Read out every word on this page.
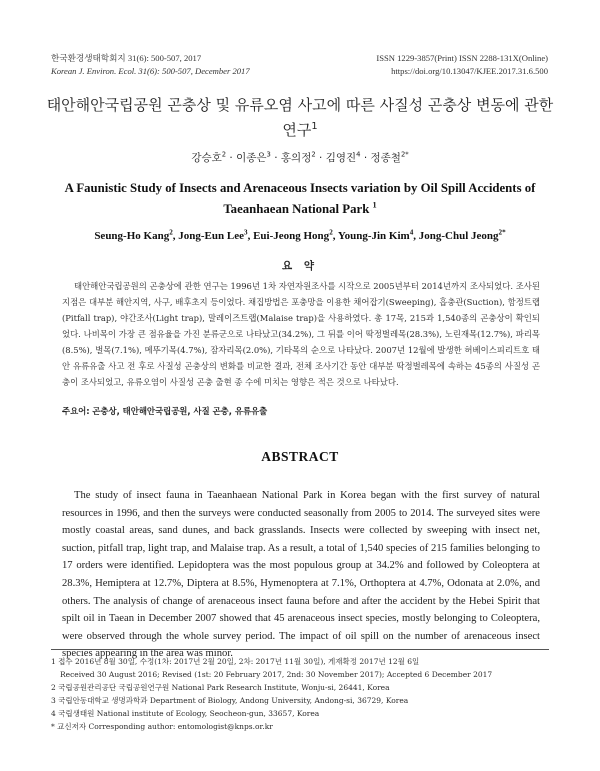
한국환경생태학회지 31(6): 500-507, 2017
Korean J. Environ. Ecol. 31(6): 500-507, December 2017
ISSN 1229-3857(Print) ISSN 2288-131X(Online)
https://doi.org/10.13047/KJEE.2017.31.6.500
태안해안국립공원 곤충상 및 유류오염 사고에 따른 사질성 곤충상 변동에 관한 연구$^1$
강승호$^2$ · 이종은$^3$ · 홍의정$^2$ · 김영진$^4$ · 정종철$^{2*}$
A Faunistic Study of Insects and Arenaceous Insects variation by Oil Spill Accidents of Taeanhaean National Park $^1$
Seung-Ho Kang$^2$, Jong-Eun Lee$^3$, Eui-Jeong Hong$^2$, Young-Jin Kim$^4$, Jong-Chul Jeong$^{2*}$
요 약

태안해안국립공원의 곤충상에 관한 연구는 1996년 1차 자연자원조사를 시작으로 2005년부터 2014년까지 조사되었다. 조사된 지점은 대부분 해안지역, 사구, 배후초지 등이었다. 채집방법은 포충망을 이용한 채어잡기(Sweeping), 흡충관(Suction), 함정트랩(Pitfall trap), 야간조사(Light trap), 말레이즈트랩(Malaise trap)을 사용하였다. 총 17목, 215과 1,540종의 곤충상이 확인되었다. 나비목이 가장 큰 점유율을 가진 분류군으로 나타났고(34.2%), 그 뒤를 이어 딱정벌레목(28.3%), 노린재목(12.7%), 파리목(8.5%), 벌목(7.1%), 메뚜기목(4.7%), 잠자리목(2.0%), 기타목의 순으로 나타났다. 2007년 12월에 발생한 허베이스피리트호 태안 유류유출 사고 전 후로 사질성 곤충상의 변화를 비교한 결과, 전체 조사기간 동안 대부분 딱정벌레목에 속하는 45종의 사질성 곤충이 조사되었고, 유류오염이 사질성 곤충 출현 종 수에 미치는 영향은 적은 것으로 나타났다.

주요어: 곤충상, 태안해안국립공원, 사질 곤충, 유류유출
ABSTRACT

The study of insect fauna in Taeanhaean National Park in Korea began with the first survey of natural resources in 1996, and then the surveys were conducted seasonally from 2005 to 2014. The surveyed sites were mostly coastal areas, sand dunes, and back grasslands. Insects were collected by sweeping with insect net, suction, pitfall trap, light trap, and Malaise trap. As a result, a total of 1,540 species of 215 families belonging to 17 orders were identified. Lepidoptera was the most populous group at 34.2% and followed by Coleoptera at 28.3%, Hemiptera at 12.7%, Diptera at 8.5%, Hymenoptera at 7.1%, Orthoptera at 4.7%, Odonata at 2.0%, and others. The analysis of change of arenaceous insect fauna before and after the accident by the Hebei Spirit that spilt oil in Taean in December 2007 showed that 45 arenaceous insect species, mostly belonging to Coleoptera, were observed through the whole survey period. The impact of oil spill on the number of arenaceous insect species appearing in the area was minor.

1 접수 2016년 8월 30일, 수정(1차: 2017년 2월 20일, 2차: 2017년 11월 30일), 게재확정 2017년 12월 6일
Received 30 August 2016; Revised (1st: 20 February 2017, 2nd: 30 November 2017); Accepted 6 December 2017
2 국립공원관리공단 국립공원연구원 National Park Research Institute, Wonju-si, 26441, Korea
3 국립안동대학교 생명과학과 Department of Biology, Andong University, Andong-si, 36729, Korea
4 국립생태원 National institute of Ecology, Seocheon-gun, 33657, Korea
* 교신저자 Corresponding author: entomologist@knps.or.kr
